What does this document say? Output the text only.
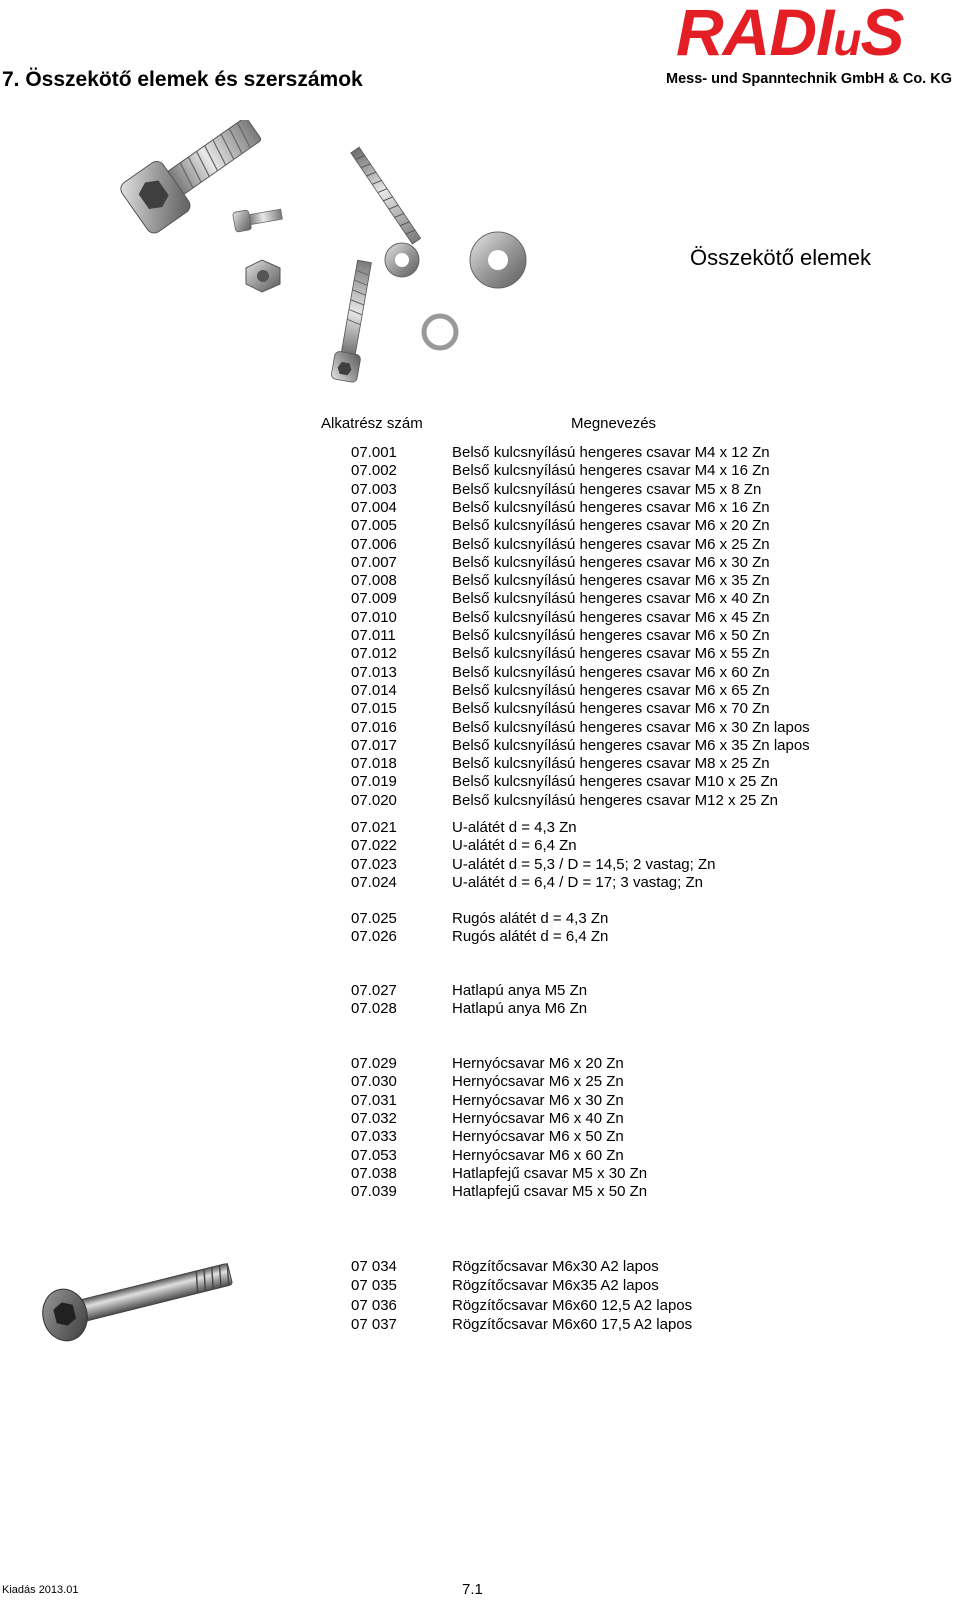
7. Összekötő elemek és szerszámok
RADIuS
Mess- und Spanntechnik GmbH & Co. KG
Összekötő elemek
Alkatrész szám	Megnevezés
07.001	Belső kulcsnyílású hengeres csavar M4 x 12 Zn
07.002	Belső kulcsnyílású hengeres csavar M4 x 16 Zn
07.003	Belső kulcsnyílású hengeres csavar M5 x 8 Zn
07.004	Belső kulcsnyílású hengeres csavar M6 x 16 Zn
07.005	Belső kulcsnyílású hengeres csavar M6 x 20 Zn
07.006	Belső kulcsnyílású hengeres csavar M6 x 25 Zn
07.007	Belső kulcsnyílású hengeres csavar M6 x 30 Zn
07.008	Belső kulcsnyílású hengeres csavar M6 x 35 Zn
07.009	Belső kulcsnyílású hengeres csavar M6 x 40 Zn
07.010	Belső kulcsnyílású hengeres csavar M6 x 45 Zn
07.011	Belső kulcsnyílású hengeres csavar M6 x 50 Zn
07.012	Belső kulcsnyílású hengeres csavar M6 x 55 Zn
07.013	Belső kulcsnyílású hengeres csavar M6 x 60 Zn
07.014	Belső kulcsnyílású hengeres csavar M6 x 65 Zn
07.015	Belső kulcsnyílású hengeres csavar M6 x 70 Zn
07.016	Belső kulcsnyílású hengeres csavar M6 x 30 Zn lapos
07.017	Belső kulcsnyílású hengeres csavar M6 x 35 Zn lapos
07.018	Belső kulcsnyílású hengeres csavar M8 x 25 Zn
07.019	Belső kulcsnyílású hengeres csavar M10 x 25 Zn
07.020	Belső kulcsnyílású hengeres csavar M12 x 25 Zn
07.021	U-alátét d = 4,3 Zn
07.022	U-alátét d = 6,4 Zn
07.023	U-alátét d = 5,3 / D = 14,5; 2 vastag; Zn
07.024	U-alátét d = 6,4 / D = 17; 3 vastag; Zn
07.025	Rugós alátét d = 4,3 Zn
07.026	Rugós alátét d = 6,4 Zn
07.027	Hatlapú anya M5 Zn
07.028	Hatlapú anya M6 Zn
07.029	Hernyócsavar M6 x 20 Zn
07.030	Hernyócsavar M6 x 25 Zn
07.031	Hernyócsavar M6 x 30 Zn
07.032	Hernyócsavar M6 x 40 Zn
07.033	Hernyócsavar M6 x 50 Zn
07.053	Hernyócsavar M6 x 60 Zn
07.038	Hatlapfejű csavar M5 x 30 Zn
07.039	Hatlapfejű csavar M5 x 50 Zn
07 034	Rögzítőcsavar M6x30 A2 lapos
07 035	Rögzítőcsavar M6x35 A2 lapos
07 036	Rögzítőcsavar M6x60 12,5 A2 lapos
07 037	Rögzítőcsavar M6x60 17,5 A2 lapos
Kiadás 2013.01	7.1
